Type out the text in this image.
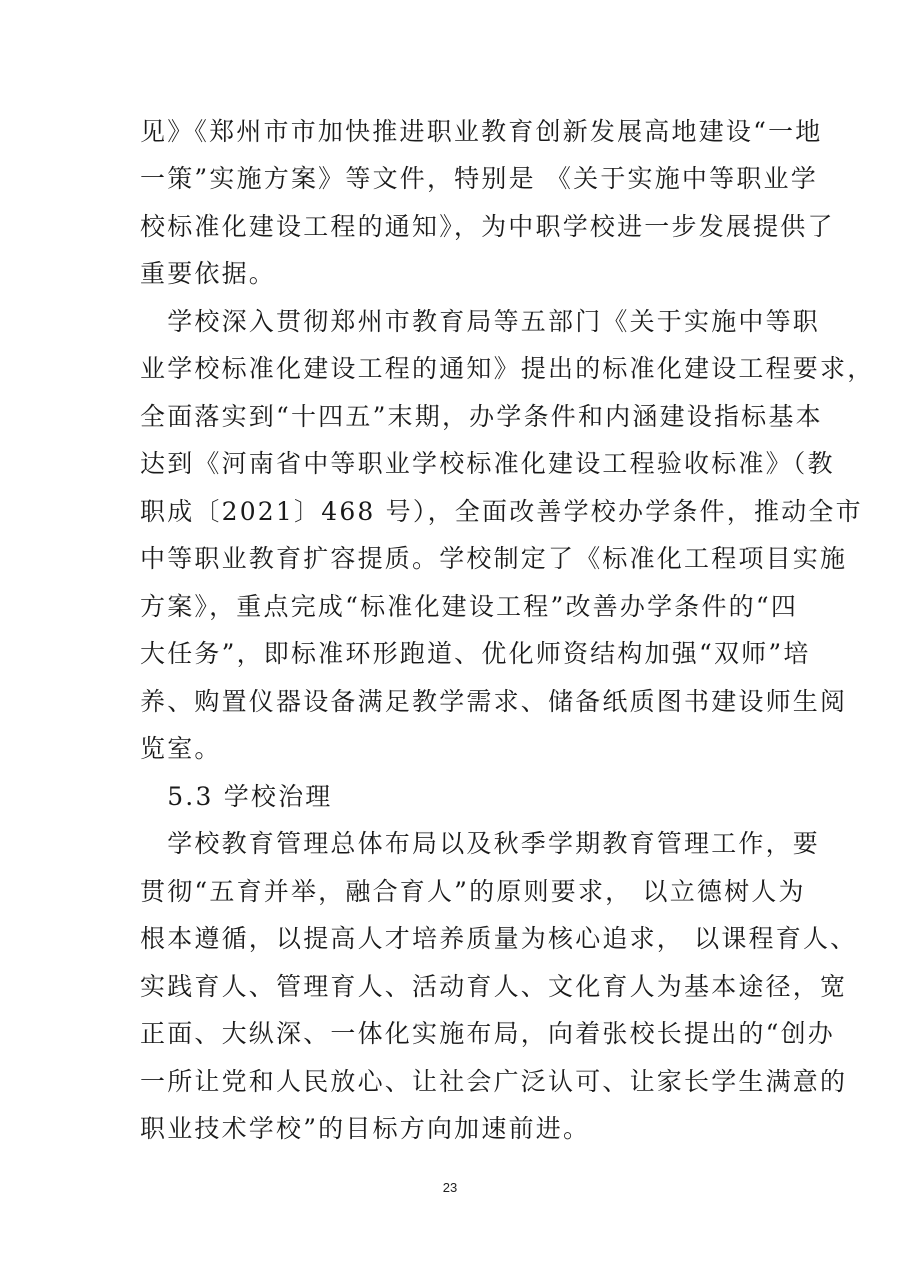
见》《郑州市市加快推进职业教育创新发展高地建设“一地
一策”实施方案》等文件，特别是 《关于实施中等职业学
校标准化建设工程的通知》，为中职学校进一步发展提供了
重要依据。
　学校深入贯彻郑州市教育局等五部门《关于实施中等职
业学校标准化建设工程的通知》提出的标准化建设工程要求，
全面落实到“十四五”末期，办学条件和内涵建设指标基本
达到《河南省中等职业学校标准化建设工程验收标准》（教
职成〔2021〕468 号），全面改善学校办学条件，推动全市
中等职业教育扩容提质。学校制定了《标准化工程项目实施
方案》，重点完成“标准化建设工程”改善办学条件的“四
大任务”，即标准环形跑道、优化师资结构加强“双师”培
养、购置仪器设备满足教学需求、储备纸质图书建设师生阅
览室。
　5.3 学校治理
　学校教育管理总体布局以及秋季学期教育管理工作，要
贯彻“五育并举，融合育人”的原则要求， 以立德树人为
根本遵循，以提高人才培养质量为核心追求， 以课程育人、
实践育人、管理育人、活动育人、文化育人为基本途径，宽
正面、大纵深、一体化实施布局，向着张校长提出的“创办
一所让党和人民放心、让社会广泛认可、让家长学生满意的
职业技术学校”的目标方向加速前进。
23
